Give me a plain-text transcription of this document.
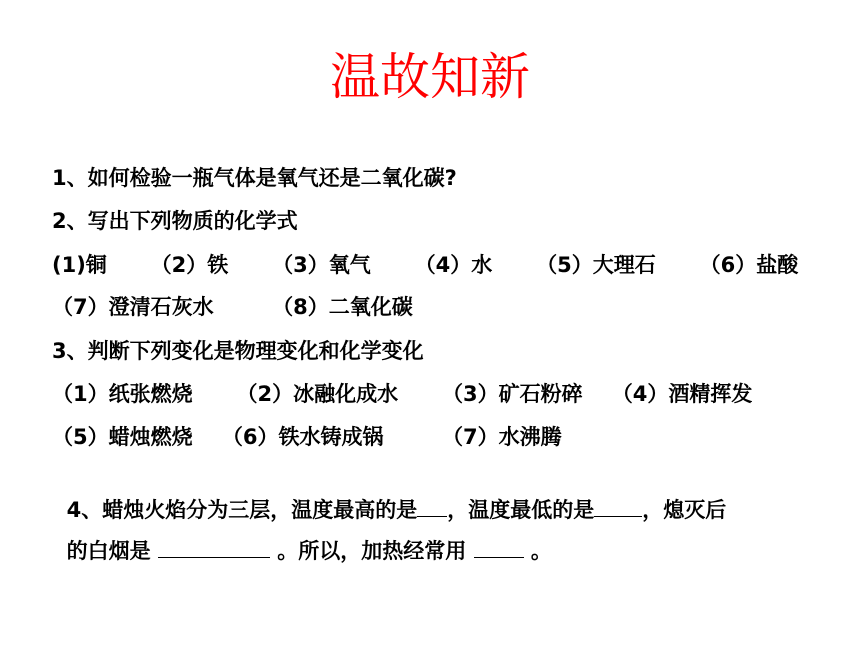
温故知新
1、如何检验一瓶气体是氧气还是二氧化碳?
2、写出下列物质的化学式
(1)铜      （2）铁      （3）氧气      （4）水      （5）大理石      （6）盐酸
（7）澄清石灰水        （8）二氧化碳
3、判断下列变化是物理变化和化学变化
（1）纸张燃烧      （2）冰融化成水      （3）矿石粉碎    （4）酒精挥发
（5）蜡烛燃烧    （6）铁水铸成锅        （7）水沸腾

4、蜡烛火焰分为三层，温度最高的是 ，温度最低的是 ，熄灭后

的白烟是	。所以，加热经常用  。
